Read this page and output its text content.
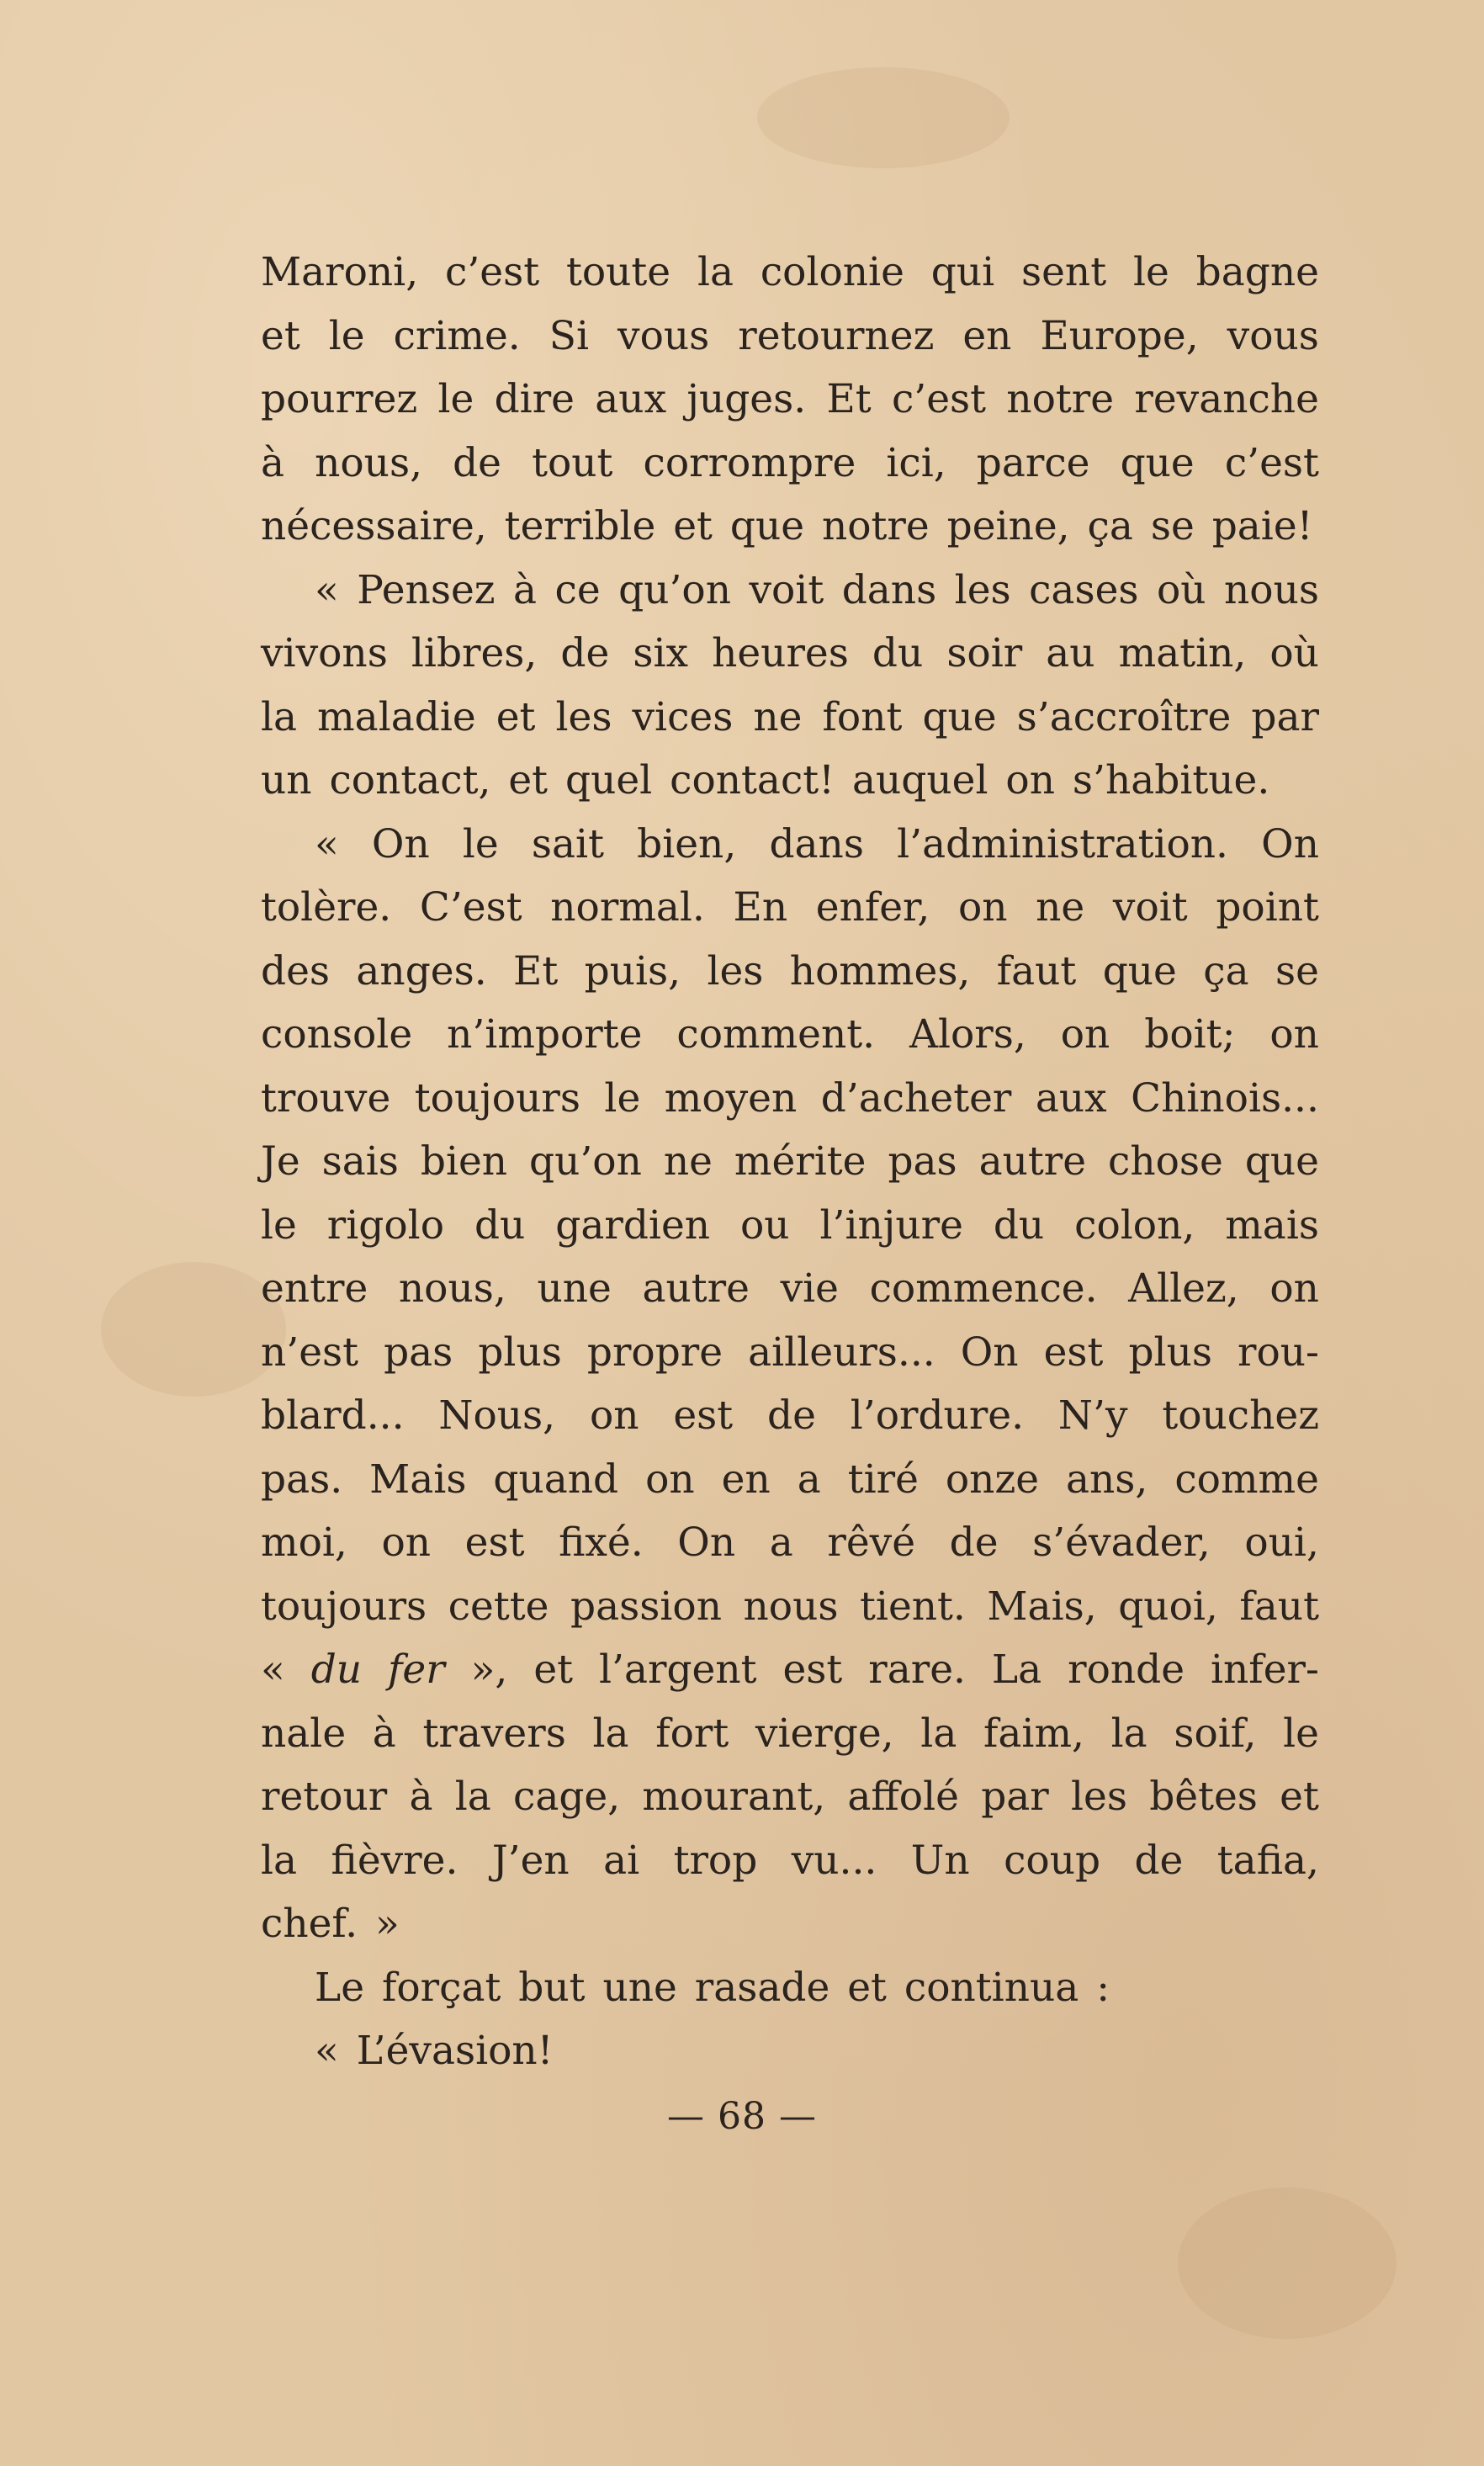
Maroni, c’est toute la colonie qui sent le bagne
et le crime. Si vous retournez en Europe, vous
pourrez le dire aux juges. Et c’est notre revanche
à nous, de tout corrompre ici, parce que c’est
nécessaire, terrible et que notre peine, ça se paie!
« Pensez à ce qu’on voit dans les cases où nous
vivons libres, de six heures du soir au matin, où
la maladie et les vices ne font que s’accroître par
un contact, et quel contact! auquel on s’habitue.
« On le sait bien, dans l’administration. On
tolère. C’est normal. En enfer, on ne voit point
des anges. Et puis, les hommes, faut que ça se
console n’importe comment. Alors, on boit; on
trouve toujours le moyen d’acheter aux Chinois...
Je sais bien qu’on ne mérite pas autre chose que
le rigolo du gardien ou l’injure du colon, mais
entre nous, une autre vie commence. Allez, on
n’est pas plus propre ailleurs... On est plus rou-
blard... Nous, on est de l’ordure. N’y touchez
pas. Mais quand on en a tiré onze ans, comme
moi, on est fixé. On a rêvé de s’évader, oui,
toujours cette passion nous tient. Mais, quoi, faut
« du fer », et l’argent est rare. La ronde infer-
nale à travers la fort vierge, la faim, la soif, le
retour à la cage, mourant, affolé par les bêtes et
la fièvre. J’en ai trop vu... Un coup de tafia,
chef. »
Le forçat but une rasade et continua :
« L’évasion!
— 68 —
